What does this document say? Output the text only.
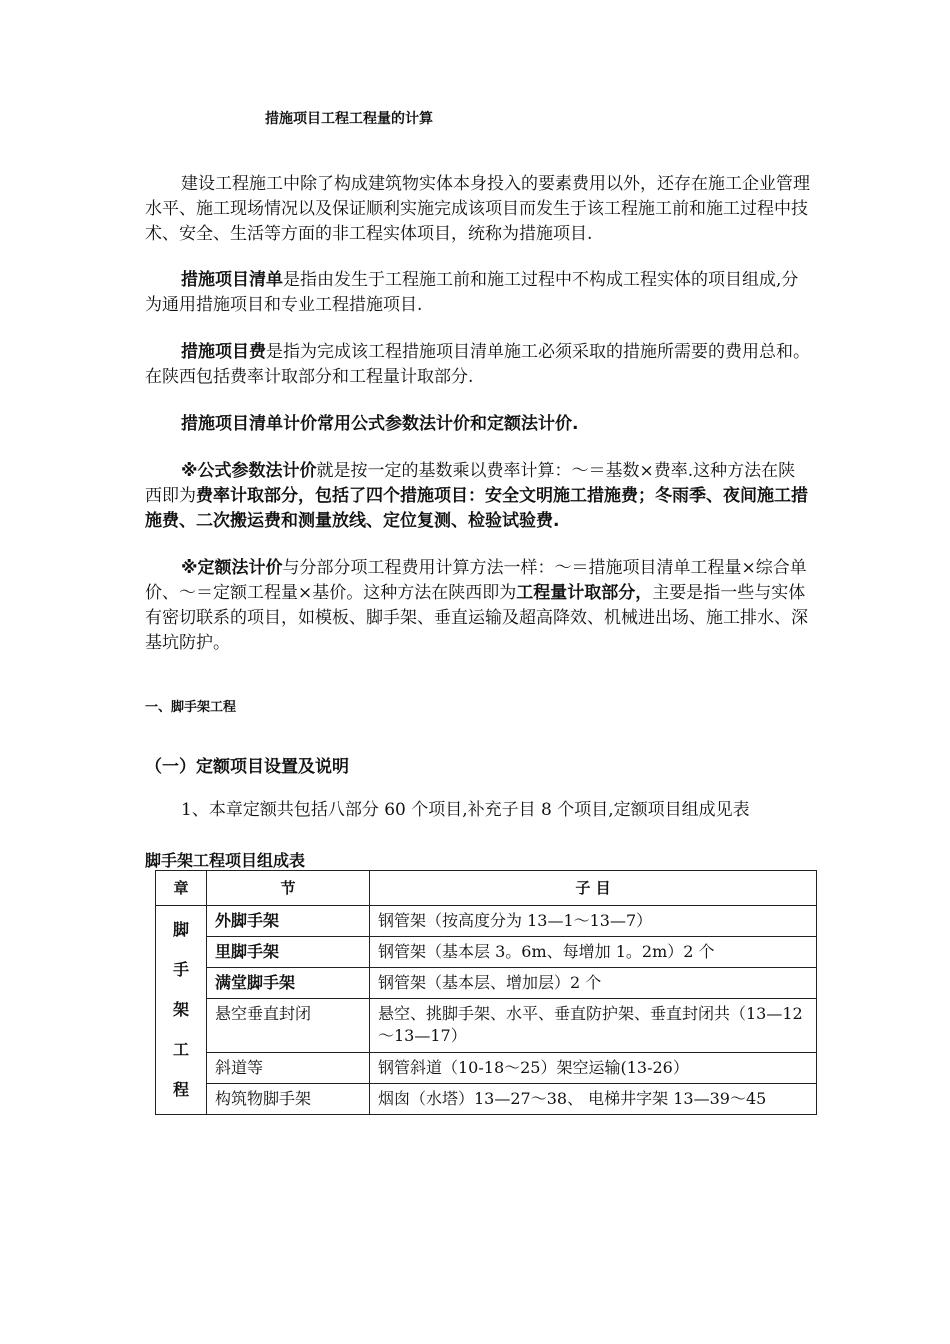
措施项目工程工程量的计算

建设工程施工中除了构成建筑物实体本身投入的要素费用以外，还存在施工企业管理水平、施工现场情况以及保证顺利实施完成该项目而发生于该工程施工前和施工过程中技术、安全、生活等方面的非工程实体项目，统称为措施项目.

措施项目清单是指由发生于工程施工前和施工过程中不构成工程实体的项目组成,分为通用措施项目和专业工程措施项目.

措施项目费是指为完成该工程措施项目清单施工必须采取的措施所需要的费用总和。在陕西包括费率计取部分和工程量计取部分.

措施项目清单计价常用公式参数法计价和定额法计价.

※公式参数法计价就是按一定的基数乘以费率计算：～＝基数×费率.这种方法在陕西即为费率计取部分，包括了四个措施项目：安全文明施工措施费；冬雨季、夜间施工措施费、二次搬运费和测量放线、定位复测、检验试验费.

※定额法计价与分部分项工程费用计算方法一样：～＝措施项目清单工程量×综合单价、～＝定额工程量×基价。这种方法在陕西即为工程量计取部分，主要是指一些与实体有密切联系的项目，如模板、脚手架、垂直运输及超高降效、机械进出场、施工排水、深基坑防护。

一、脚手架工程
（一）定额项目设置及说明

1、本章定额共包括八部分 60 个项目,补充子目 8 个项目,定额项目组成见表

脚手架工程项目组成表
章	节	子 目

脚
手
架
工
程	外脚手架	钢管架（按高度分为 13—1～13—7）
	里脚手架	钢管架（基本层 3。6m、每增加 1。2m）2 个
	满堂脚手架	钢管架（基本层、增加层）2 个
	悬空垂直封闭	悬空、挑脚手架、水平、垂直防护架、垂直封闭共（13—12～13—17）
	斜道等	钢管斜道（10-18～25）架空运输(13-26）
	构筑物脚手架	烟囱（水塔）13—27～38、 电梯井字架 13—39～45
